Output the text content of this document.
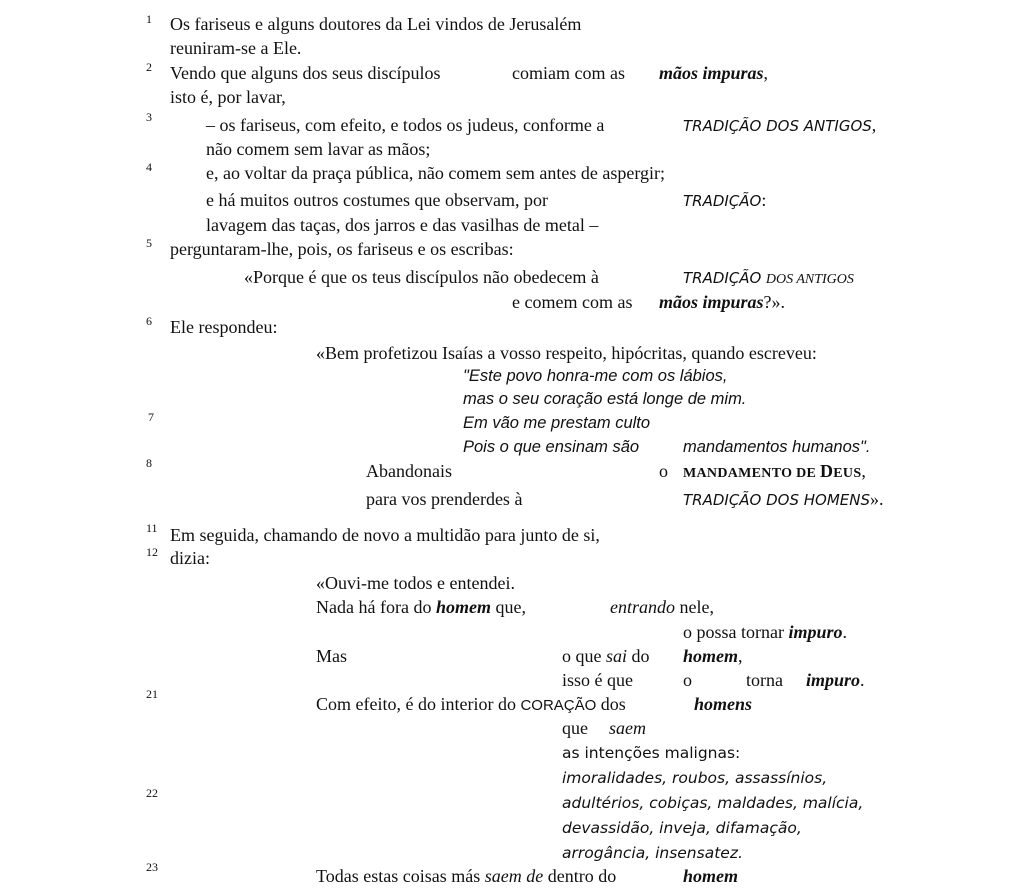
1
2
3
4
5
6
7
8
11
12
21
22
23
Os fariseus e alguns doutores da Lei vindos de Jerusalém
reuniram-se a Ele.
Vendo que alguns dos seus discípulos	comiam com as mãos impuras,
isto é, por lavar,
– os fariseus, com efeito, e todos os judeus, conforme a	TRADIÇÃO DOS ANTIGOS,
não comem sem lavar as mãos;
e, ao voltar da praça pública, não comem sem antes de aspergir;
e há muitos outros costumes que observam, por	TRADIÇÃO:
lavagem das taças, dos jarros e das vasilhas de metal –
perguntaram-lhe, pois, os fariseus e os escribas:
«Porque é que os teus discípulos não obedecem à	TRADIÇÃO DOS ANTIGOS
e comem com as mãos impuras?».
Ele respondeu:
«Bem profetizou Isaías a vosso respeito, hipócritas, quando escreveu:
"Este povo honra-me com os lábios,
mas o seu coração está longe de mim.
Em vão me prestam culto
Pois o que ensinam são	mandamentos humanos".
Abandonais	o MANDAMENTO DE DEUS,
para vos prenderdes à	TRADIÇÃO DOS HOMENS».
Em seguida, chamando de novo a multidão para junto de si,
dizia:
«Ouvi-me todos e entendei.
Nada há fora do homem que,	entrando nele,
o possa tornar impuro.
Mas	o que sai do homem,
isso é que	o	torna impuro.
Com efeito, é do interior do CORAÇÃO dos	homens
que saem
as intenções malignas:
imoralidades, roubos, assassínios,
adultérios, cobiças, maldades, malícia,
devassidão, inveja, difamação,
arrogância, insensatez.
Todas estas coisas más saem de dentro do	homem
